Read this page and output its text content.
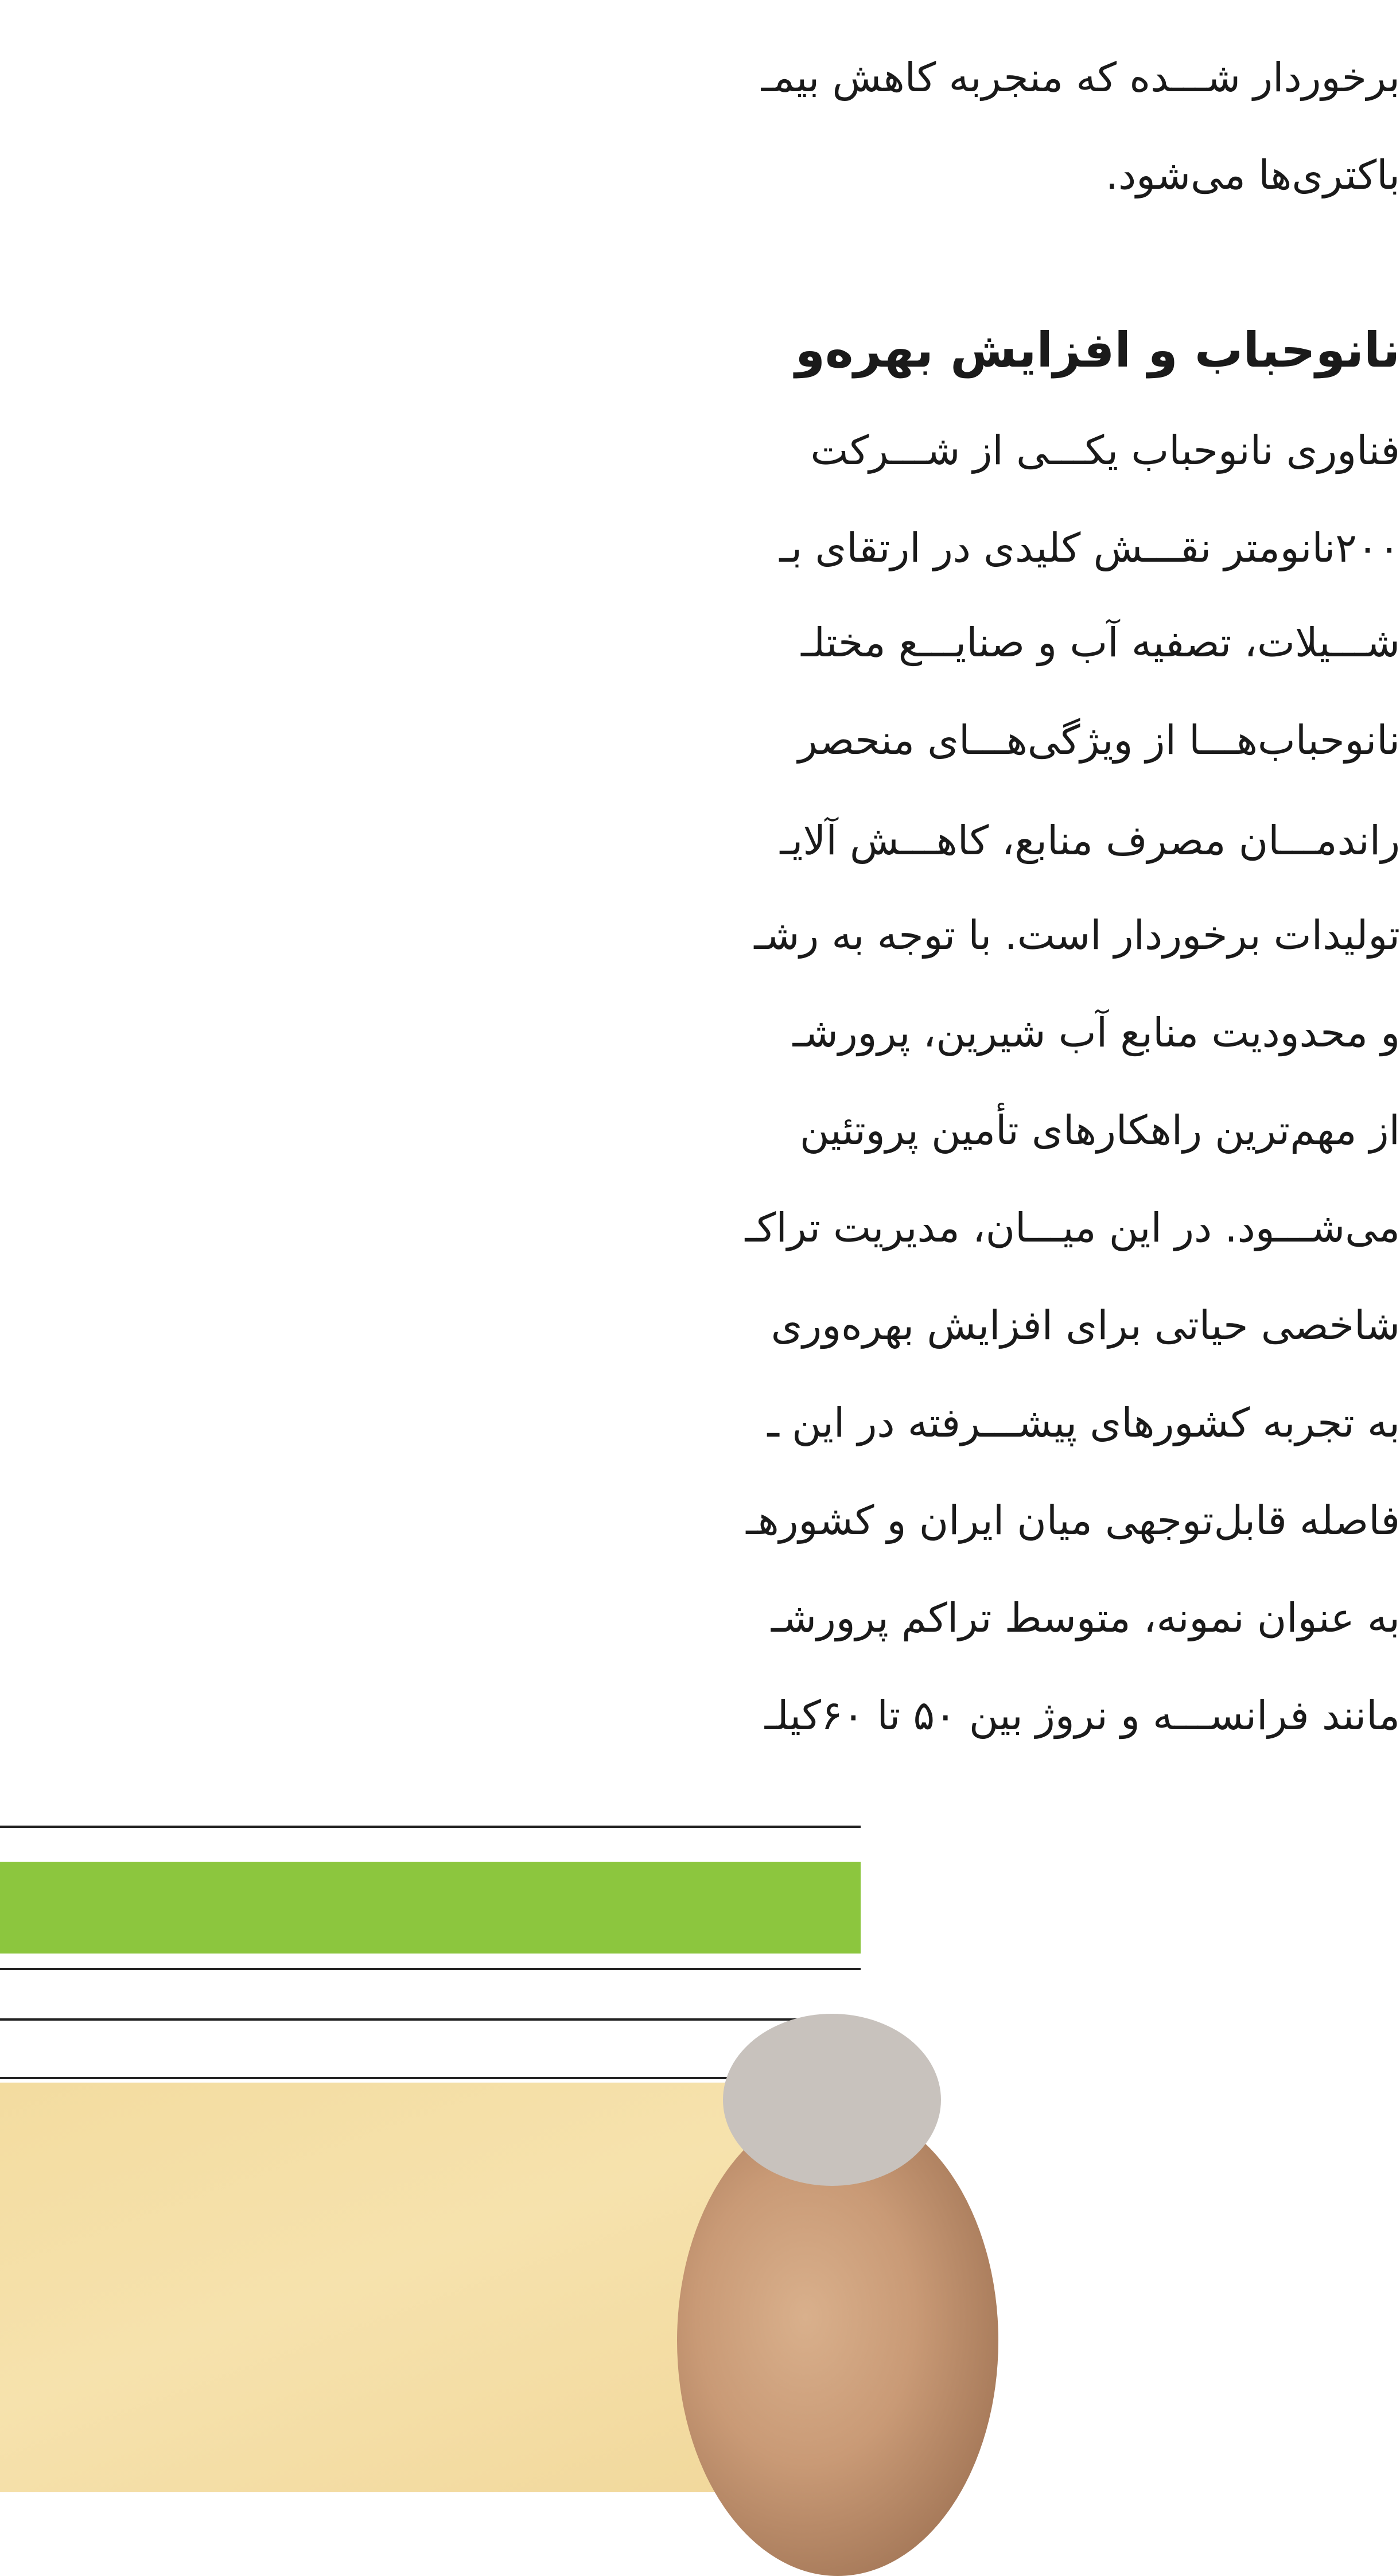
برخوردار شـــده که منجربه کاهش بیمـ
باکتری‌ها می‌شود.
نانوحباب و افزایش بهره‌و
فناوری نانوحباب یکـــی از شـــرکت
۲۰۰نانومتر نقـــش کلیدی در ارتقای بـ
شـــیلات، تصفیه آب و صنایـــع مختلـ
نانوحباب‌هـــا از ویژگی‌هـــای منحصر
راندمـــان مصرف منابع، کاهـــش آلایـ
تولیدات برخوردار است. با توجه به رشـ
و محدودیت منابع آب شیرین، پرورشـ
از مهم‌ترین راهکارهای تأمین پروتئین
می‌شـــود. در این میـــان، مدیریت تراکـ
شاخصی حیاتی برای افزایش بهره‌وری
به تجربه کشور‌های پیشـــرفته در این ـ
فاصله قابل‌توجهی میان ایران و کشورهـ
به عنوان نمونه، متوسط تراکم پرورشـ
مانند فرانســـه و نروژ بین ۵۰ تا ۶۰کیلـ
